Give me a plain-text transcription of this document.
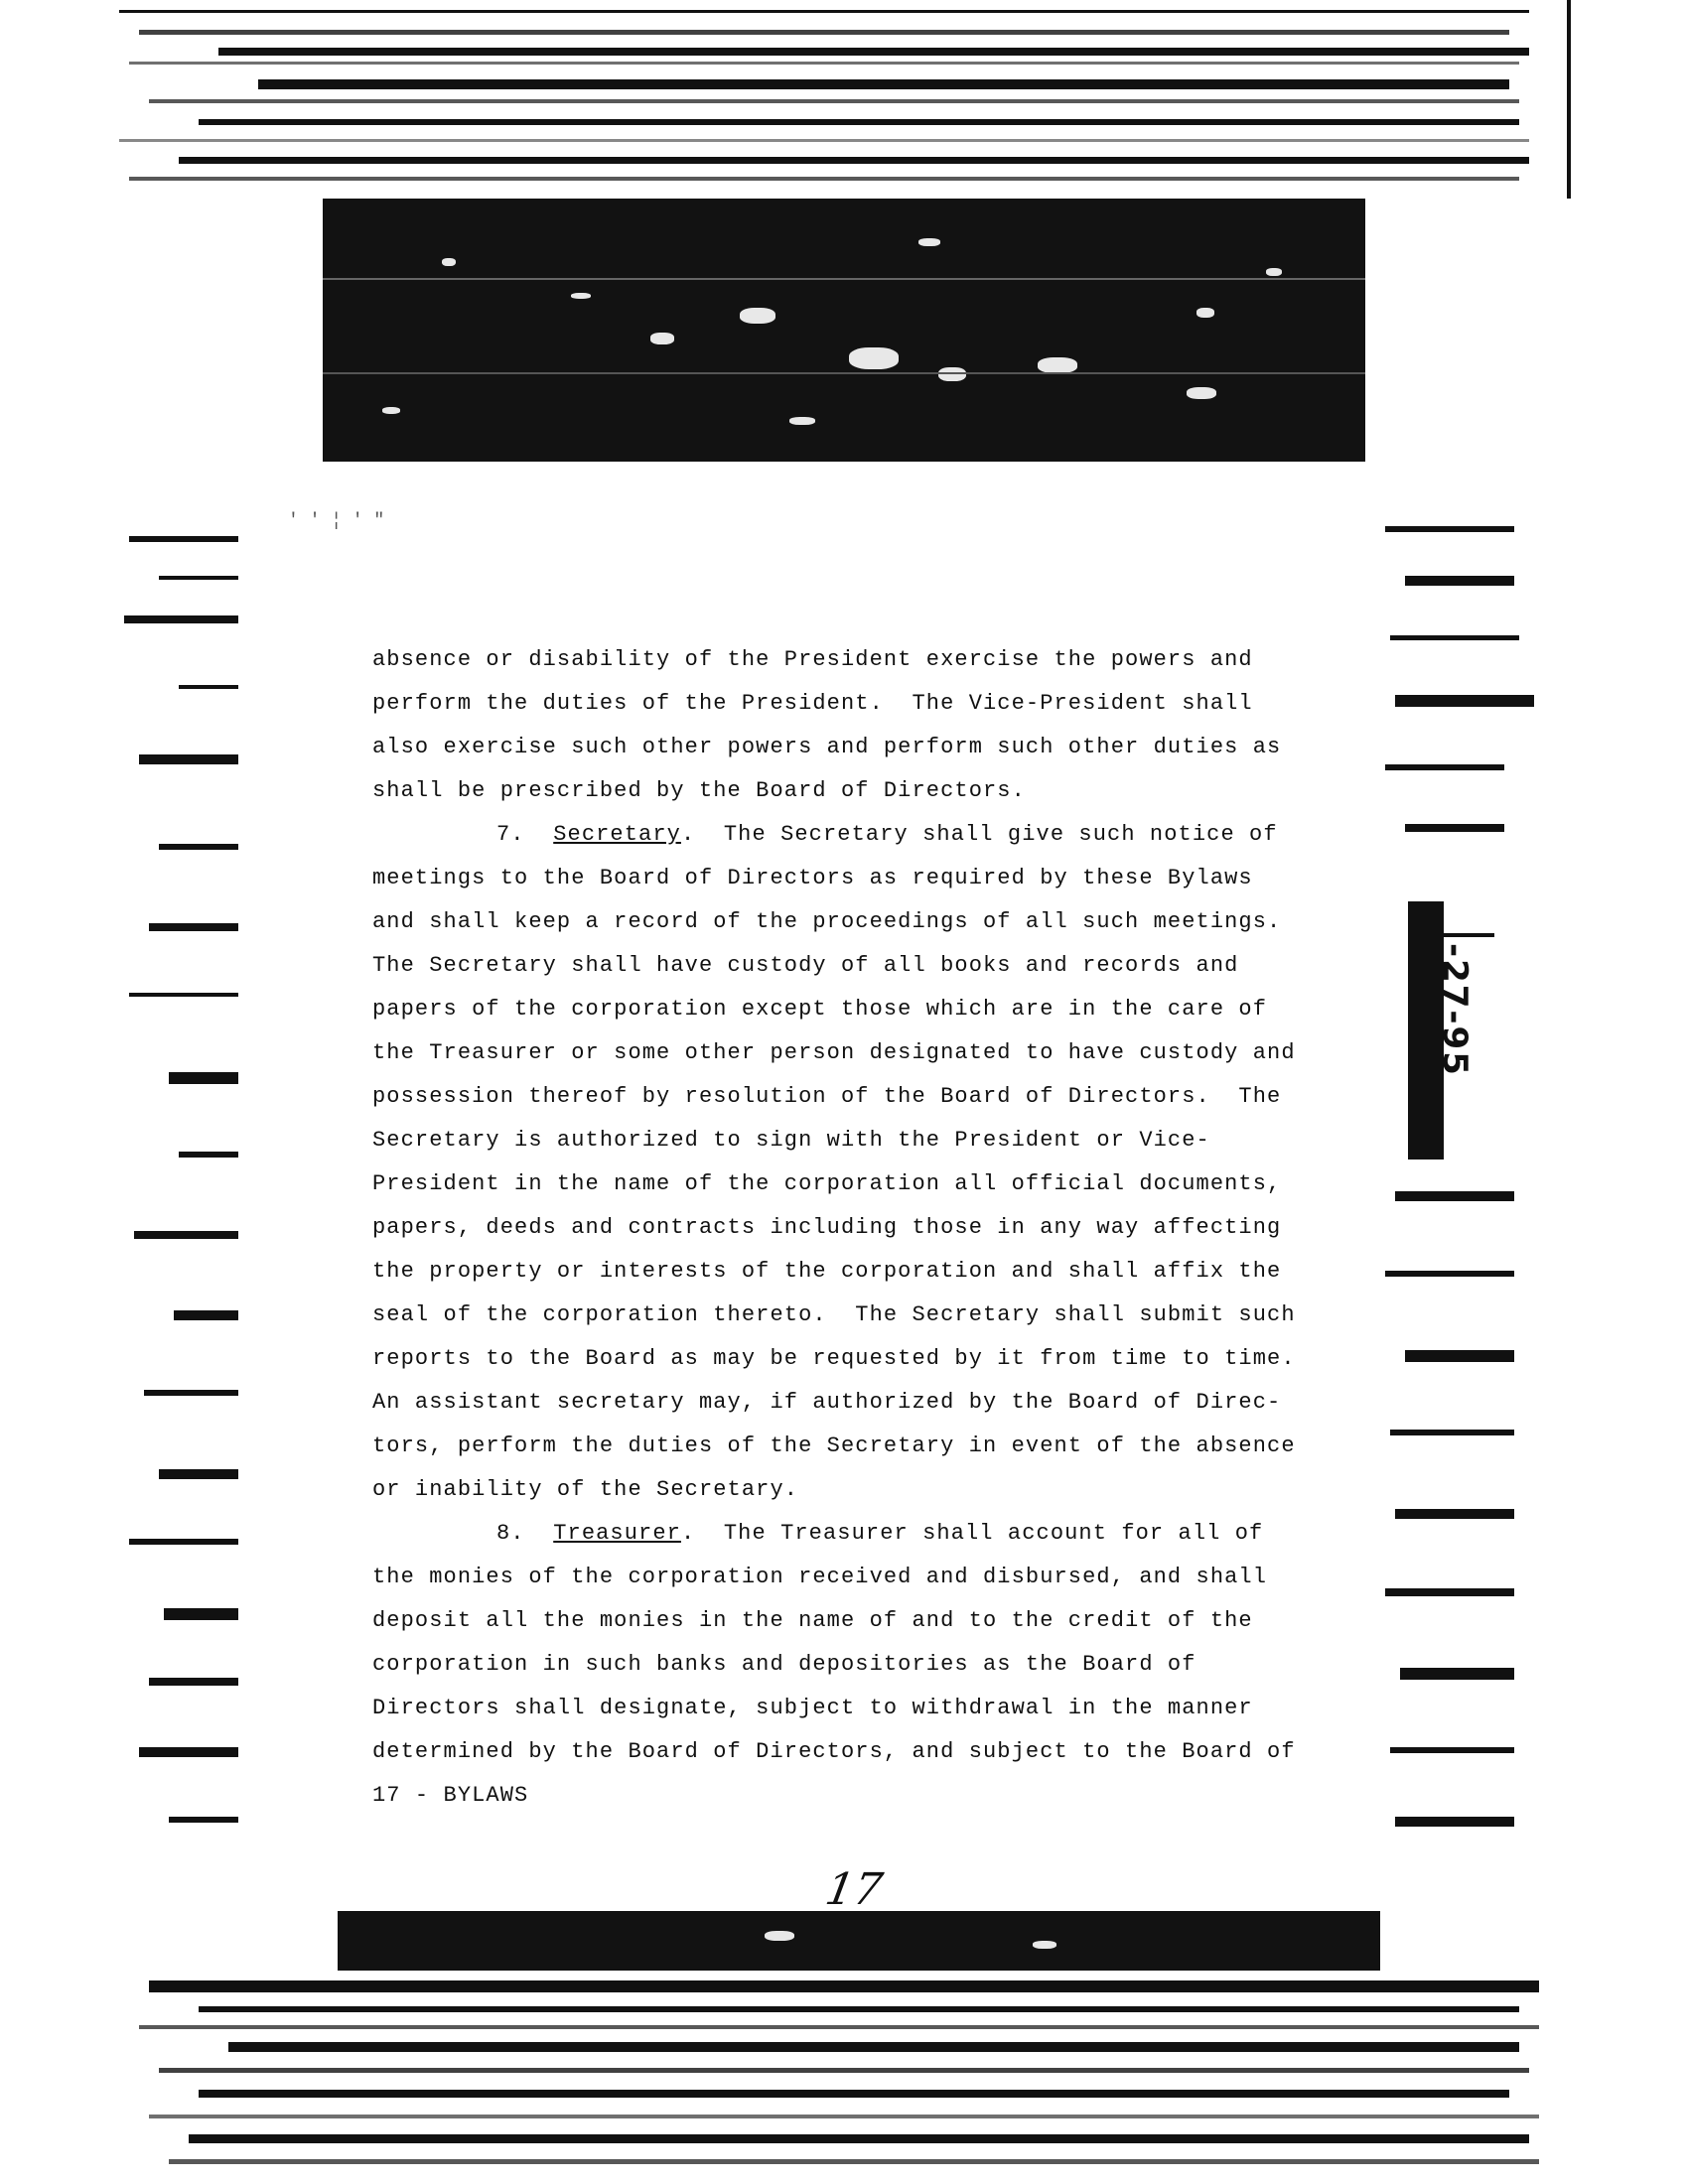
' ' ¦ ' "
absence or disability of the President exercise the powers and
perform the duties of the President.  The Vice-President shall
also exercise such other powers and perform such other duties as
shall be prescribed by the Board of Directors.
7. Secretary.  The Secretary shall give such notice of
meetings to the Board of Directors as required by these Bylaws
and shall keep a record of the proceedings of all such meetings.
The Secretary shall have custody of all books and records and
papers of the corporation except those which are in the care of
the Treasurer or some other person designated to have custody and
possession thereof by resolution of the Board of Directors.  The
Secretary is authorized to sign with the President or Vice-
President in the name of the corporation all official documents,
papers, deeds and contracts including those in any way affecting
the property or interests of the corporation and shall affix the
seal of the corporation thereto.  The Secretary shall submit such
reports to the Board as may be requested by it from time to time.
An assistant secretary may, if authorized by the Board of Direc-
tors, perform the duties of the Secretary in event of the absence
or inability of the Secretary.
8. Treasurer.  The Treasurer shall account for all of
the monies of the corporation received and disbursed, and shall
deposit all the monies in the name of and to the credit of the
corporation in such banks and depositories as the Board of
Directors shall designate, subject to withdrawal in the manner
determined by the Board of Directors, and subject to the Board of
17 - BYLAWS
17
-27-95
